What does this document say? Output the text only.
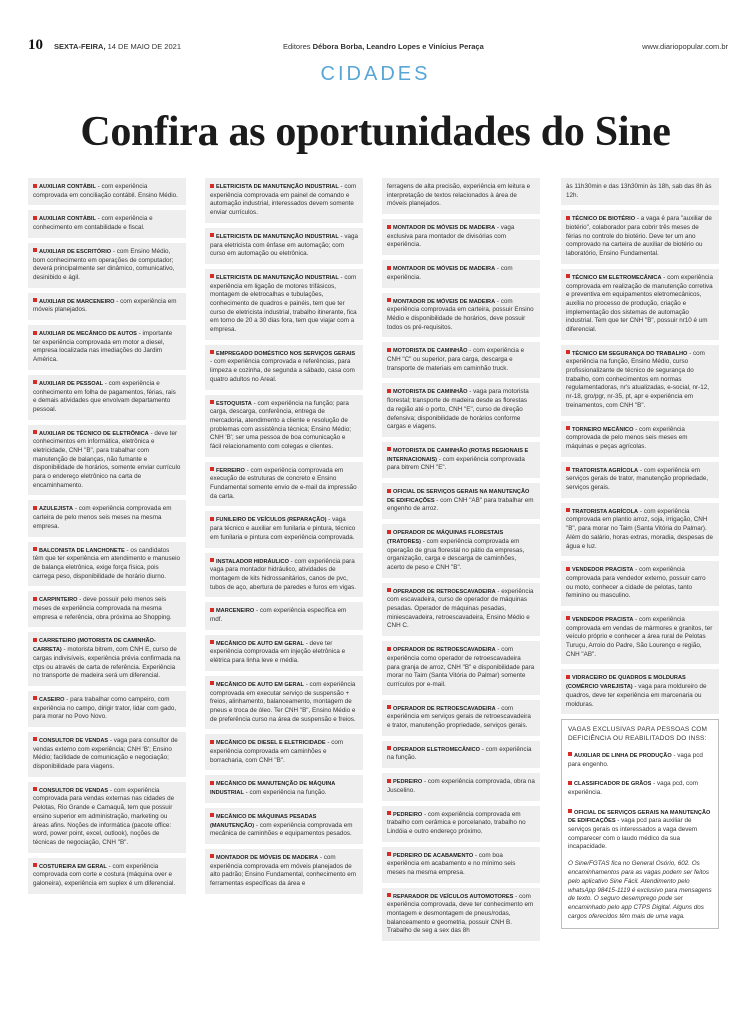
10 SEXTA-FEIRA, 14 DE MAIO DE 2021	Editores Débora Borba, Leandro Lopes e Vinícius Peraça	www.diariopopular.com.br
CIDADES
Confira as oportunidades do Sine
AUXILIAR CONTÁBIL - com experiência comprovada em conciliação contábil. Ensino Médio.
AUXILIAR CONTÁBIL - com experiência e conhecimento em contabilidade e fiscal.
AUXILIAR DE ESCRITÓRIO - com Ensino Médio, bom conhecimento em operações de computador; deverá principalmente ser dinâmico, comunicativo, desinibido e ágil.
AUXILIAR DE MARCENEIRO - com experiência em móveis planejados.
AUXILIAR DE MECÂNICO DE AUTOS - importante ter experiência comprovada em motor a diesel, empresa localizada nas imediações do Jardim América.
AUXILIAR DE PESSOAL - com experiência e conhecimento em folha de pagamentos, férias, rais e demais atividades que envolvam departamento pessoal.
AUXILIAR DE TÉCNICO DE ELETRÔNICA - deve ter conhecimentos em informática, eletrônica e eletricidade, CNH "B", para trabalhar com manutenção de balanças, não fumante e disponibilidade de horários, somente enviar currículo para o endereço eletrônico na carta de encaminhamento.
AZULEJISTA - com experiência comprovada em carteira de pelo menos seis meses na mesma empresa.
BALCONISTA DE LANCHONETE - os candidatos têm que ter experiência em atendimento e manuseio de balança eletrônica, exige força física, pois carrega peso, disponibilidade de horário diurno.
CARPINTEIRO - deve possuir pelo menos seis meses de experiência comprovada na mesma empresa e referência, obra próxima ao Shopping.
CARRETEIRO (MOTORISTA DE CAMINHÃO-CARRETA) - motorista bitrem, com CNH E, curso de cargas indivisíveis, experiência prévia confirmada na ctps ou através de carta de referência. Experiência no transporte de madeira será um diferencial.
CASEIRO - para trabalhar como campeiro, com experiência no campo, dirigir trator, lidar com gado, para morar no Povo Novo.
CONSULTOR DE VENDAS - vaga para consultor de vendas externo com experiência; CNH 'B'; Ensino Médio; facilidade de comunicação e negociação; disponibilidade para viagens.
CONSULTOR DE VENDAS - com experiência comprovada para vendas externas nas cidades de Pelotas, Rio Grande e Camaquã, tem que possuir ensino superior em administração, marketing ou áreas afins. Noções de informática (pacote office: word, power point, excel, outlook), noções de técnicas de negociação, CNH "B".
COSTUREIRA EM GERAL - com experiência comprovada com corte e costura (máquina over e galoneira), experiência em suplex é um diferencial.
ELETRICISTA DE MANUTENÇÃO INDUSTRIAL - com experiência comprovada em painel de comando e automação industrial, interessados devem somente enviar currículos.
ELETRICISTA DE MANUTENÇÃO INDUSTRIAL - vaga para eletricista com ênfase em automação; com curso em automação ou eletrônica.
ELETRICISTA DE MANUTENÇÃO INDUSTRIAL - com experiência em ligação de motores trifásicos, montagem de eletrocalhas e tubulações, conhecimento de quadros e painéis, tem que ter curso de eletricista industrial, trabalho itinerante, fica em torno de 20 a 30 dias fora, tem que viajar com a empresa.
EMPREGADO DOMÉSTICO NOS SERVIÇOS GERAIS - com experiência comprovada e referências, para limpeza e cozinha, de segunda a sábado, casa com quatro adultos no Areal.
ESTOQUISTA - com experiência na função; para carga, descarga, conferência, entrega de mercadoria, atendimento a cliente e resolução de problemas com assistência técnica; Ensino Médio; CNH 'B'; ser uma pessoa de boa comunicação e fácil relacionamento com colegas e clientes.
FERREIRO - com experiência comprovada em execução de estruturas de concreto e Ensino Fundamental somente envio de e-mail da impressão da carta.
FUNILEIRO DE VEÍCULOS (REPARAÇÃO) - vaga para técnico e auxiliar em funilaria e pintura, técnico em funilaria e pintura com experiência comprovada.
INSTALADOR HIDRÁULICO - com experiência para vaga para montador hidráulico, atividades de montagem de kits hidrossanitários, canos de pvc, tubos de aço, abertura de paredes e furos em vigas.
MARCENEIRO - com experiência específica em mdf.
MECÂNICO DE AUTO EM GERAL - deve ter experiência comprovada em injeção eletrônica e elétrica para linha leve e média.
MECÂNICO DE AUTO EM GERAL - com experiência comprovada em executar serviço de suspensão + freios, alinhamento, balanceamento, montagem de pneus e troca de óleo. Ter CNH "B", Ensino Médio e de preferência curso na área de suspensão e freios.
MECÂNICO DE DIESEL E ELETRICIDADE - com experiência comprovada em caminhões e borracharia, com CNH "B".
MECÂNICO DE MANUTENÇÃO DE MÁQUINA INDUSTRIAL - com experiência na função.
MECÂNICO DE MÁQUINAS PESADAS (MANUTENÇÃO) - com experiência comprovada em mecânica de caminhões e equipamentos pesados.
MONTADOR DE MÓVEIS DE MADEIRA - com experiência comprovada em móveis planejados de alto padrão; Ensino Fundamental, conhecimento em ferramentas específicas da área e
ferragens de alta precisão, experiência em leitura e interpretação de textos relacionados à área de móveis planejados.
MONTADOR DE MÓVEIS DE MADEIRA - vaga exclusiva para montador de divisórias com experiência.
MONTADOR DE MÓVEIS DE MADEIRA - com experiência.
MONTADOR DE MÓVEIS DE MADEIRA - com experiência comprovada em carteira, possuir Ensino Médio e disponibilidade de horários, deve possuir todos os pré-requisitos.
MOTORISTA DE CAMINHÃO - com experiência e CNH "C" ou superior, para carga, descarga e transporte de materiais em caminhão truck.
MOTORISTA DE CAMINHÃO - vaga para motorista florestal; transporte de madeira desde as florestas da região até o porto, CNH "E", curso de direção defensiva; disponibilidade de horários conforme cargas e viagens.
MOTORISTA DE CAMINHÃO (ROTAS REGIONAIS E INTERNACIONAIS) - com experiência comprovada para bitrem CNH "E".
OFICIAL DE SERVIÇOS GERAIS NA MANUTENÇÃO DE EDIFICAÇÕES - com CNH "AB" para trabalhar em engenho de arroz.
OPERADOR DE MÁQUINAS FLORESTAIS (TRATORES) - com experiência comprovada em operação de grua florestal no pátio da empresas, organização, carga e descarga de caminhões, acerto de peso e CNH "B".
OPERADOR DE RETROESCAVADEIRA - experiência com escavadeira, curso de operador de máquinas pesadas. Operador de máquinas pesadas, miniescavadeira, retroescavadeira, Ensino Médio e CNH C.
OPERADOR DE RETROESCAVADEIRA - com experiência como operador de retroescavadeira para granja de arroz, CNH "B" e disponibilidade para morar no Taim (Santa Vitória do Palmar) somente currículos por e-mail.
OPERADOR DE RETROESCAVADEIRA - com experiência em serviços gerais de retroescavadeira e trator, manutenção propriedade, serviços gerais.
OPERADOR ELETROMECÂNICO - com experiência na função.
PEDREIRO - com experiência comprovada, obra na Juscelino.
PEDREIRO - com experiência comprovada em trabalho com cerâmica e porcelanato, trabalho no Lindóia e outro endereço próximo.
PEDREIRO DE ACABAMENTO - com boa experiência em acabamento e no mínimo seis meses na mesma empresa.
REPARADOR DE VEÍCULOS AUTOMOTORES - com experiência comprovada, deve ter conhecimento em montagem e desmontagem de pneus/rodas, balanceamento e geometria, possuir CNH B. Trabalho de seg a sex das 8h
às 11h30min e das 13h30min às 18h, sab das 8h às 12h.
TÉCNICO DE BIOTÉRIO - a vaga é para "auxiliar de biotério", colaborador para cobrir três meses de férias no controle do biotério. Deve ter um ano comprovado na carteira de auxiliar de biotério ou laboratório, Ensino Fundamental.
TÉCNICO EM ELETROMECÂNICA - com experiência comprovada em realização de manutenção corretiva e preventiva em equipamentos eletromecânicos, auxília no processo de produção, criação e implementação dos sistemas de automação industrial. Tem que ter CNH "B", possuir nr10 é um diferencial.
TÉCNICO EM SEGURANÇA DO TRABALHO - com experiência na função, Ensino Médio, curso profissionalizante de técnico de segurança do trabalho, com conhecimentos em normas regulamentadoras, nr's atualizadas, e-social, nr-12, nr-18, gro/pgr, nr-35, pt, apr e experiência em treinamentos, com CNH "B".
TORNEIRO MECÂNICO - com experiência comprovada de pelo menos seis meses em máquinas e peças agrícolas.
TRATORISTA AGRÍCOLA - com experiência em serviços gerais de trator, manutenção propriedade, serviços gerais.
TRATORISTA AGRÍCOLA - com experiência comprovada em plantio arroz, soja, irrigação, CNH "B", para morar no Taim (Santa Vitória do Palmar). Além do salário, horas extras, moradia, despesas de água e luz.
VENDEDOR PRACISTA - com experiência comprovada para vendedor externo, possuir carro ou moto, conhecer a cidade de pelotas, tanto feminino ou masculino.
VENDEDOR PRACISTA - com experiência comprovada em vendas de mármores e granitos, ter veículo próprio e conhecer a área rural de Pelotas Turuçu, Arroio do Padre, São Lourenço e região, CNH "AB".
VIDRACEIRO DE QUADROS E MOLDURAS (COMÉRCIO VAREJISTA) - vaga para moldureiro de quadros, deve ter experiência em marcenaria ou molduras.
VAGAS EXCLUSIVAS PARA PESSOAS COM DEFICIÊNCIA OU REABILITADOS DO INSS:
AUXILIAR DE LINHA DE PRODUÇÃO - vaga pcd para engenho.
CLASSIFICADOR DE GRÃOS - vaga pcd, com experiência.
OFICIAL DE SERVIÇOS GERAIS NA MANUTENÇÃO DE EDIFICAÇÕES - vaga pcd para auxiliar de serviços gerais os interessados a vaga devem comparecer com o laudo médico da sua incapacidade.
O Sine/FGTAS fica no General Osório, 602. Os encaminhamentos para as vagas podem ser feitos pelo aplicativo Sine Fácil. Atendimento pelo whatsApp 98415-1119 é exclusivo para mensagens de texto. O seguro desemprego pode ser encaminhado pelo app CTPS Digital. Alguns dos cargos oferecidos têm mais de uma vaga.
